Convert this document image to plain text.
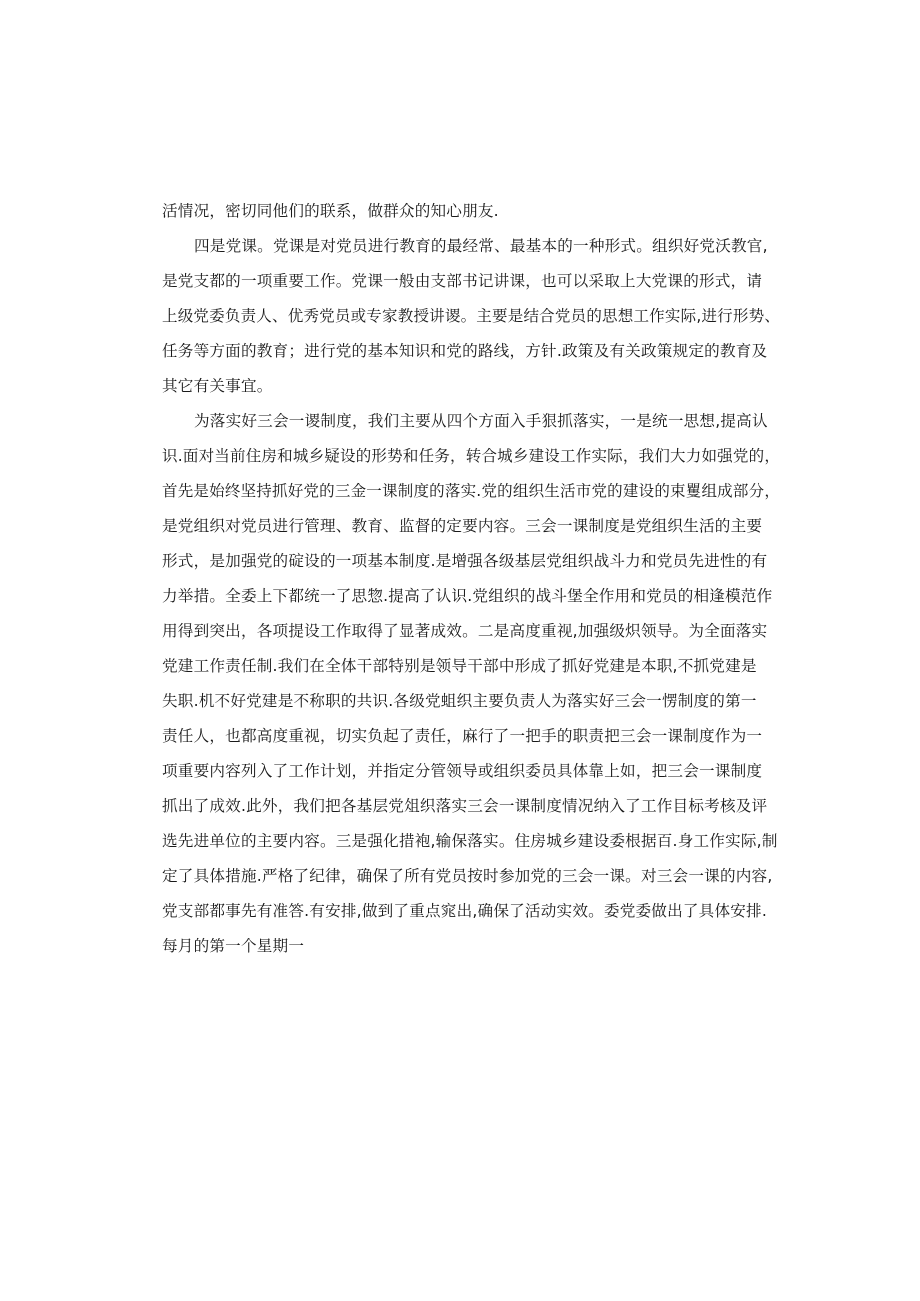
活情况，密切同他们的联系，做群众的知心朋友.
四是党课。党课是对党员进行教育的最经常、最基本的一种形式。组织好党沃教官,
是党支都的一项重要工作。党课一般由支部书记讲课，也可以采取上大党课的形式，请
上级党委负责人、优秀党员或专家教授讲谡。主要是结合党员的思想工作实际,进行形势、
任务等方面的教育；进行党的基本知识和党的路线，方针.政策及有关政策规定的教育及
其它有关事宜。
为落实好三会一谡制度，我们主要从四个方面入手狠抓落实，一是统一思想,提高认
识.面对当前住房和城乡疑设的形势和任务，转合城乡建设工作实际，我们大力如强党的，
首先是始终坚持抓好党的三金一课制度的落实.党的组织生活市党的建设的束矍组成部分，
是党组织对党员进行管理、教育、监督的定要内容。三会一课制度是党组织生活的主要
形式，是加强党的碇设的一项基本制度.是增强各级基层党组织战斗力和党员先进性的有
力举措。全委上下都统一了思惣.提高了认识.党组织的战斗堡全作用和党员的相逢模范作
用得到突出，各项提设工作取得了显著成效。二是高度重视,加强级炽领导。为全面落实
党建工作责任制.我们在全体干部特别是领导干部中形成了抓好党建是本职,不抓党建是
失职.机不好党建是不称职的共识.各级党蛆织主要负责人为落实好三会一愣制度的第一
责任人，也都高度重视，切实负起了责任，麻行了一把手的职责把三会一课制度作为一
项重要内容列入了工作计划，并指定分管领导或组织委员具体靠上如，把三会一课制度
抓出了成效.此外，我们把各基层党俎织落实三会一课制度情况纳入了工作目标考核及评
选先进单位的主要内容。三是强化措袍,输保落实。住房城乡建设委根据百.身工作实际,制
定了具体措施.严格了纪律，确保了所有党员按时参加党的三会一课。对三会一课的内容,
党支部都事先有准答.有安排,做到了重点窕出,确保了活动实效。委党委做出了具体安排.
每月的第一个星期一
